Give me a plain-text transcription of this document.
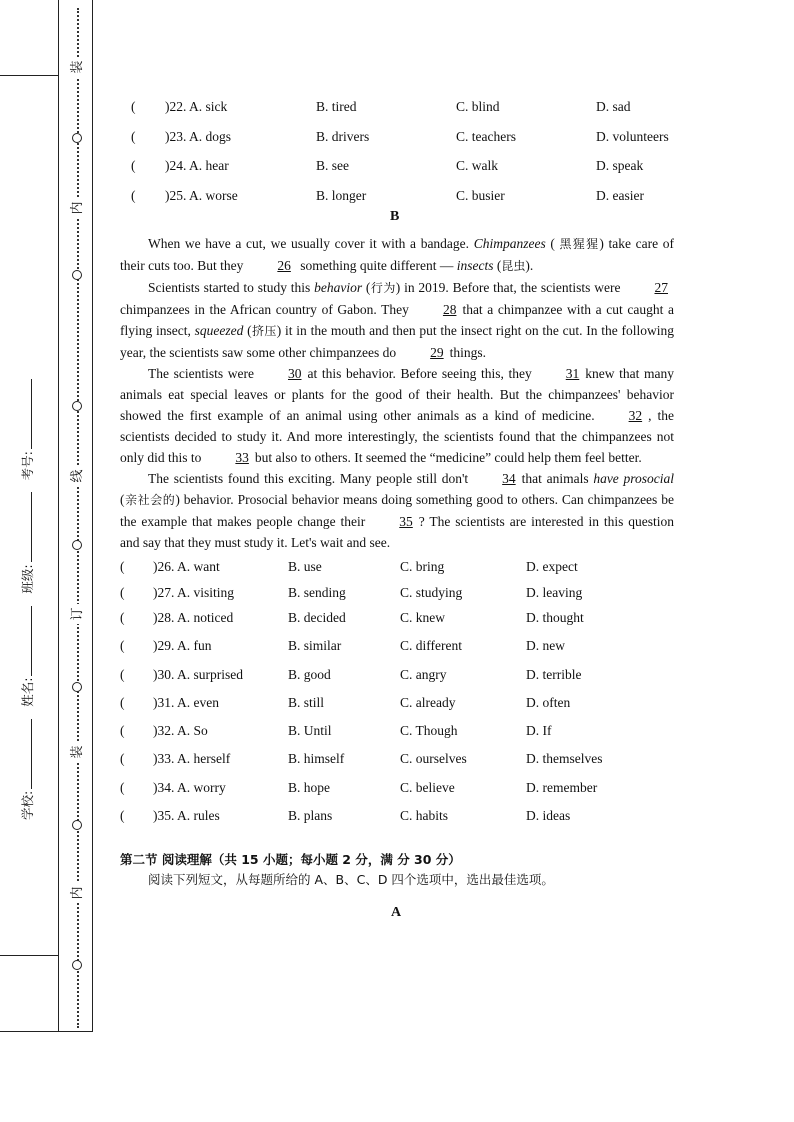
装
内
线
订
装
内
学校: 姓名: 班级: 考号:
( )22. A. sick	B. tired	C. blind	D. sad
( )23. A. dogs	B. drivers	C. teachers	D. volunteers
( )24. A. hear	B. see	C. walk	D. speak
( )25. A. worse	B. longer	C. busier	D. easier
B

When we have a cut, we usually cover it with a bandage. Chimpanzees ( 黑猩猩) take care of their cuts too. But they	26 something quite different — insects (昆虫).

Scientists started to study this behavior (行为) in 2019. Before that, the scientists were	27 chimpanzees in the African country of Gabon. They	28 that a chimpanzee with a cut caught a flying insect, squeezed (挤压) it in the mouth and then put the insect right on the cut. In the following year, the scientists saw some other chimpanzees do	29 things.

The scientists were	30 at this behavior. Before seeing this, they	31 knew that many animals eat special leaves or plants for the good of their health. But the chimpanzees' behavior showed the first example of an animal using other animals as a kind of medicine.	32 , the scientists decided to study it. And more interestingly, the scientists found that the chimpanzees not only did this to	33 but also to others. It seemed the “medicine” could help them feel better.

The scientists found this exciting. Many people still don't	34 that animals have prosocial (亲社会的) behavior. Prosocial behavior means doing something good to others. Can chimpanzees be the example that makes people change their	35 ? The scientists are interested in this question and say that they must study it. Let's wait and see.

( )26. A. want	B. use	C. bring	D. expect
( )27. A. visiting	B. sending	C. studying	D. leaving
( )28. A. noticed	B. decided	C. knew	D. thought
( )29. A. fun	B. similar	C. different	D. new
( )30. A. surprised	B. good	C. angry	D. terrible
( )31. A. even	B. still	C. already	D. often
( )32. A. So	B. Until	C. Though	D. If
( )33. A. herself	B. himself	C. ourselves	D. themselves
( )34. A. worry	B. hope	C. believe	D. remember
( )35. A. rules	B. plans	C. habits	D. ideas
第二节 阅读理解（共 15 小题；每小题 2 分，满 分 30 分）
阅读下列短文，从每题所给的 A、B、C、D 四个选项中，选出最佳选项。
A
